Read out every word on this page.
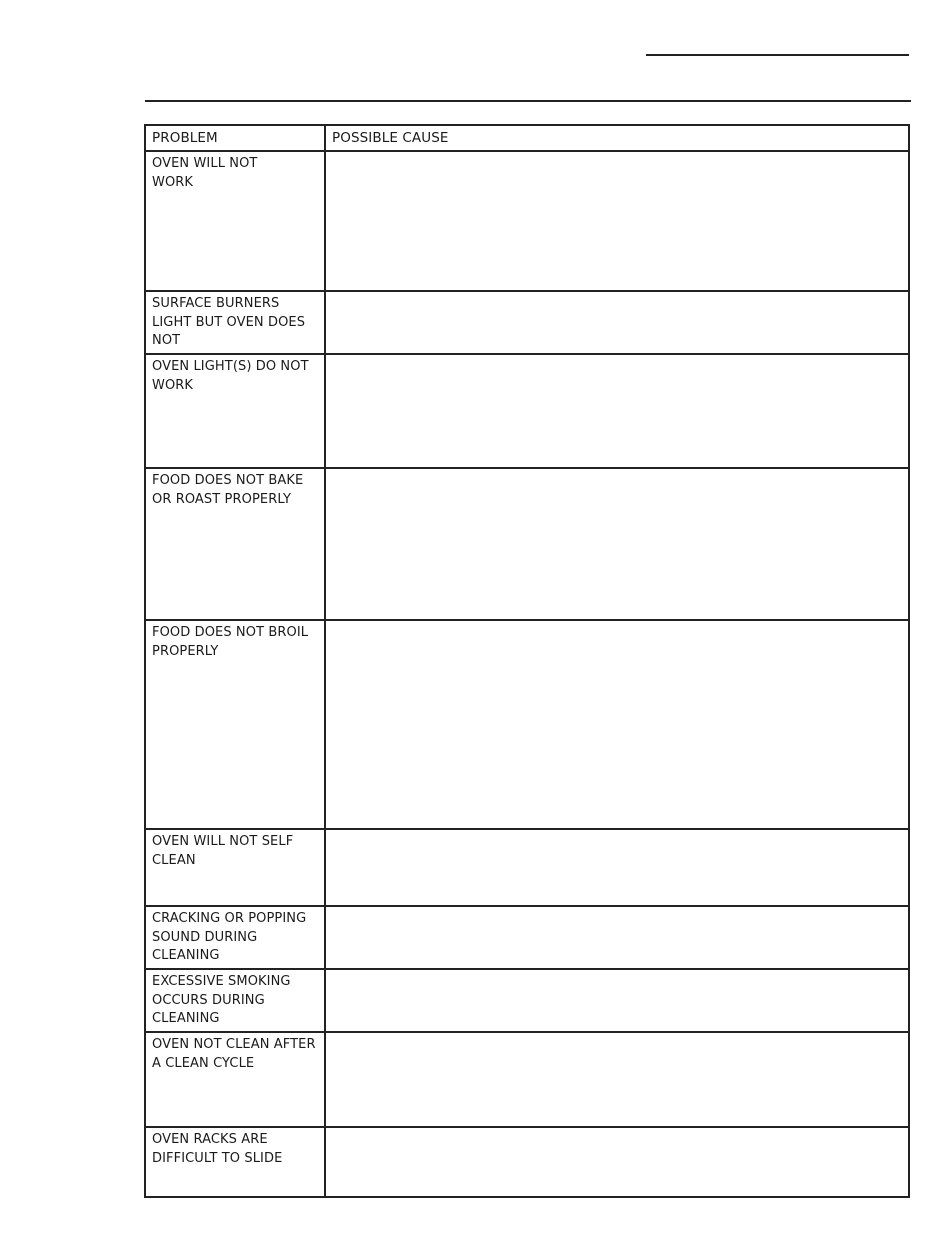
PROBLEM	POSSIBLE CAUSE

OVEN WILL NOT WORK	

SURFACE BURNERS LIGHT BUT OVEN DOES NOT	

OVEN LIGHT(S) DO NOT WORK	

FOOD DOES NOT BAKE OR ROAST PROPERLY	

FOOD DOES NOT BROIL PROPERLY	

OVEN WILL NOT SELF CLEAN	

CRACKING OR POPPING SOUND DURING CLEANING	

EXCESSIVE SMOKING OCCURS DURING CLEANING	

OVEN NOT CLEAN AFTER A CLEAN CYCLE	

OVEN RACKS ARE DIFFICULT TO SLIDE	
